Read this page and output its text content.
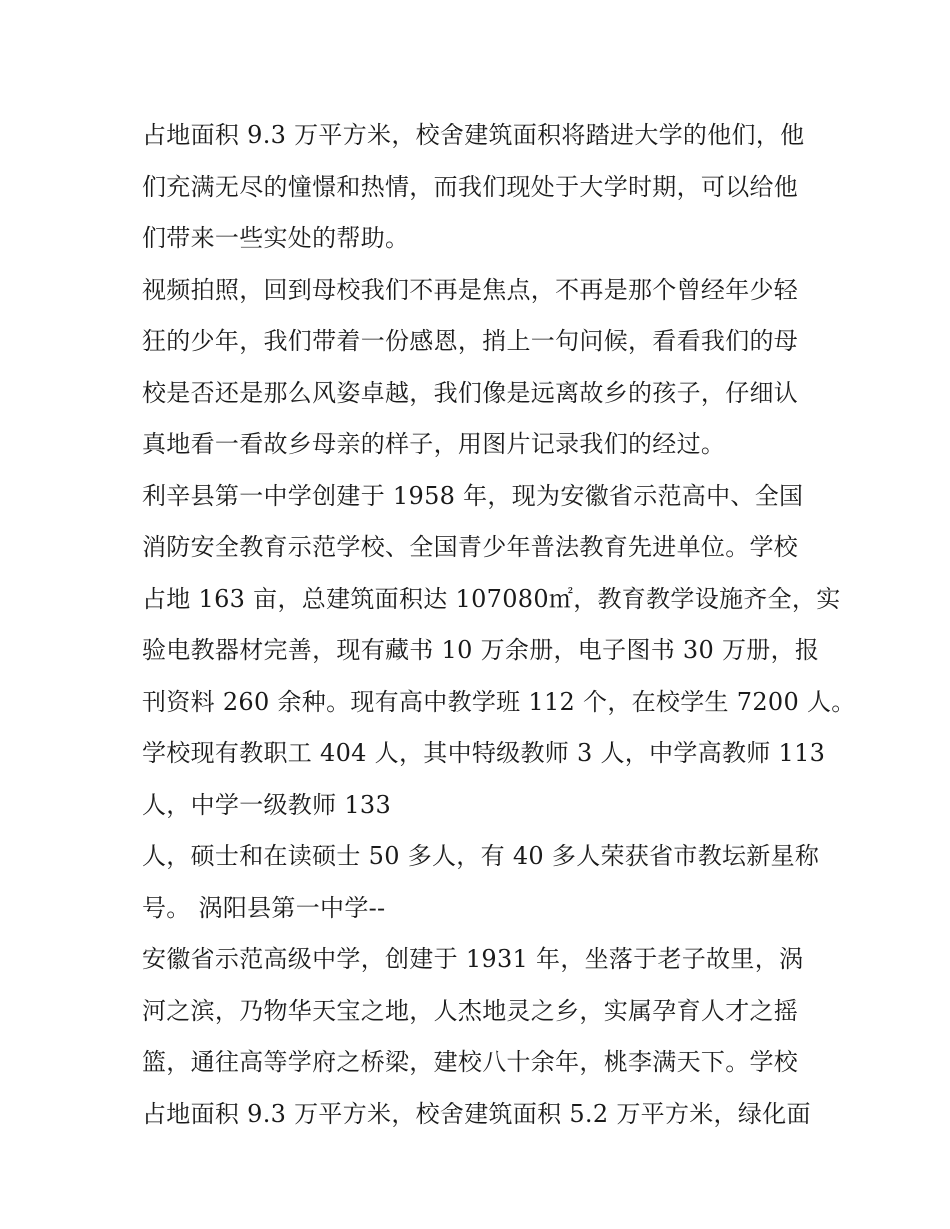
占地面积 9.3 万平方米，校舍建筑面积将踏进大学的他们，他
们充满无尽的憧憬和热情，而我们现处于大学时期，可以给他
们带来一些实处的帮助。
视频拍照，回到母校我们不再是焦点，不再是那个曾经年少轻
狂的少年，我们带着一份感恩，捎上一句问候，看看我们的母
校是否还是那么风姿卓越，我们像是远离故乡的孩子，仔细认
真地看一看故乡母亲的样子，用图片记录我们的经过。
利辛县第一中学创建于 1958 年，现为安徽省示范高中、全国
消防安全教育示范学校、全国青少年普法教育先进单位。学校
占地 163 亩，总建筑面积达 107080㎡，教育教学设施齐全，实
验电教器材完善，现有藏书 10 万余册，电子图书 30 万册，报
刊资料 260 余种。现有高中教学班 112 个，在校学生 7200 人。
学校现有教职工 404 人，其中特级教师 3 人，中学高教师 113
人，中学一级教师 133
人，硕士和在读硕士 50 多人，有 40 多人荣获省市教坛新星称
号。 涡阳县第一中学--
安徽省示范高级中学，创建于 1931 年，坐落于老子故里，涡
河之滨，乃物华天宝之地，人杰地灵之乡，实属孕育人才之摇
篮，通往高等学府之桥梁，建校八十余年，桃李满天下。学校
占地面积 9.3 万平方米，校舍建筑面积 5.2 万平方米，绿化面
